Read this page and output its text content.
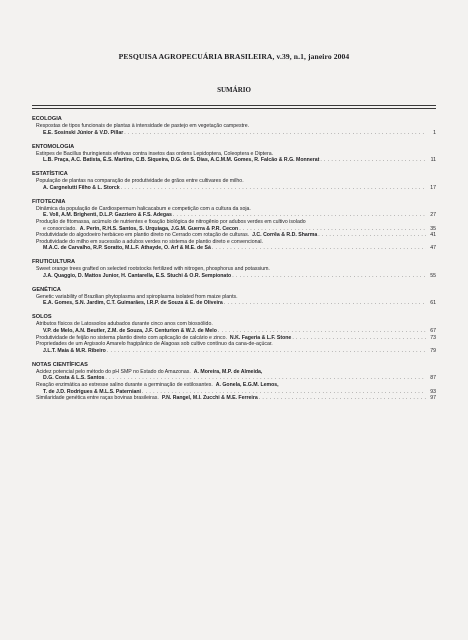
PESQUISA AGROPECUÁRIA BRASILEIRA, v.39, n.1, janeiro 2004
SUMÁRIO
ECOLOGIA
Respostas de tipos funcionais de plantas à intensidade de pastejo em vegetação campestre.
E.E. Sosinski Júnior & V.D. Pillar . . .	1
ENTOMOLOGIA
Estirpes de Bacillus thuringiensis efetivas contra insetos das ordens Lepidoptera, Coleoptera e Diptera.
L.B. Praça, A.C. Batista, É.S. Martins, C.B. Siqueira, D.G. de S. Dias, A.C.M.M. Gomes, R. Falcão & R.G. Monnerat . . .	11
ESTATÍSTICA
População de plantas na comparação de produtividade de grãos entre cultivares de milho.
A. Cargnelutti Filho & L. Storck . . .	17
FITOTECNIA
Dinâmica da população de Cardiospermum halicacabum e competição com a cultura da soja.
E. Voll, A.M. Brighenti, D.L.P. Gazziero & F.S. Adegas . . .	27
Produção de fitomassa, acúmulo de nutrientes e fixação biológica de nitrogênio por adubos verdes em cultivo isolado
e consorciado. A. Perin, R.H.S. Santos, S. Urquiaga, J.G.M. Guerra & P.R. Cecon . . .	35
Produtividade do algodoeiro herbáceo em plantio direto no Cerrado com rotação de culturas. J.C. Corrêa & R.D. Sharma . . .	41
Produtividade do milho em sucessão a adubos verdes no sistema de plantio direto e convencional.
M.A.C. de Carvalho, R.P. Soratto, M.L.F. Athayde, O. Arf & M.E. de Sá . . .	47
FRUTICULTURA
Sweet orange trees grafted on selected rootstocks fertilized with nitrogen, phosphorus and potassium.
J.A. Quaggio, D. Mattos Junior, H. Cantarella, E.S. Stuchi & O.R. Sempionato . . .	55
GENÉTICA
Genetic variability of Brazilian phytoplasma and spiroplasma isolated from maize plants.
E.A. Gomes, S.N. Jardim, C.T. Guimarães, I.R.P. de Souza & E. de Oliveira . . .	61
SOLOS
Atributos físicos de Latossolos adubados durante cinco anos com biossólido.
V.P. de Melo, A.N. Beutler, Z.M. de Souza, J.F. Centurion & W.J. de Melo . . .	67
Produtividade de feijão no sistema plantio direto com aplicação de calcário e zinco. N.K. Fageria & L.F. Stone . . .	73
Propriedades de um Argissolo Amarelo fragipânico de Alagoas sob cultivo contínuo da cana-de-açúcar.
J.L.T. Maia & M.R. Ribeiro . . .	79
NOTAS CIENTÍFICAS
Acidez potencial pelo método do pH SMP no Estado do Amazonas. A. Moreira, M.P. de Almeida,
D.G. Costa & L.S. Santos . . .	87
Reação enzimática ao estresse salino durante a germinação de estilosantes. A. Gonela, E.G.M. Lemos,
T. de J.D. Rodrigues & M.L.S. Paterniani . . .	93
Similaridade genética entre raças bovinas brasileiras. P.N. Rangel, M.I. Zucchi & M.E. Ferreira . . .	97
